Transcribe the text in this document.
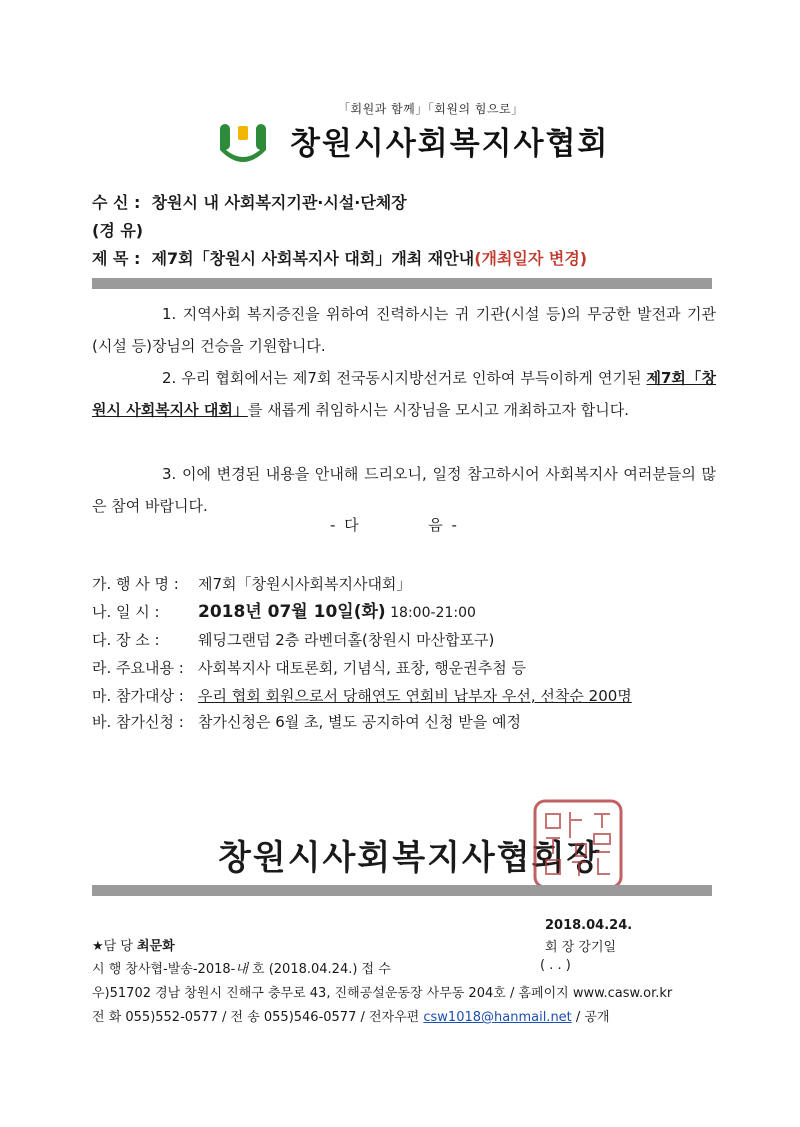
「회원과 함께」「회원의 힘으로」
창원시사회복지사협회
수 신 : 창원시 내 사회복지기관·시설·단체장
(경 유)
제 목 : 제7회「창원시 사회복지사 대회」개최 재안내(개최일자 변경)
1. 지역사회 복지증진을 위하여 진력하시는 귀 기관(시설 등)의 무궁한 발전과 기관(시설 등)장님의 건승을 기원합니다.
2. 우리 협회에서는 제7회 전국동시지방선거로 인하여 부득이하게 연기된 제7회「창원시 사회복지사 대회」를 새롭게 취임하시는 시장님을 모시고 개최하고자 합니다.
3. 이에 변경된 내용을 안내해 드리오니, 일정 참고하시어 사회복지사 여러분들의 많은 참여 바랍니다.
- 다	음 -
가. 행 사 명 : 제7회「창원시사회복지사대회」
나. 일 시 : 2018년 07월 10일(화) 18:00-21:00
다. 장 소 :	웨딩그랜덤 2층 라벤더홀(창원시 마산합포구)
라. 주요내용 : 사회복지사 대토론회, 기념식, 표창, 행운권추첨 등
마. 참가대상 : 우리 협회 회원으로서 당해연도 연회비 납부자 우선, 선착순 200명
바. 참가신청 : 참가신청은 6월 초, 별도 공지하여 신청 받을 예정
창원시사회복지사협회장
2018.04.24.
회 장 강기일
★담 당 최문화
시 행 창사협-발송-2018-내 호 (2018.04.24.) 접 수	( . . )
우)51702 경남 창원시 진해구 충무로 43, 진해공설운동장 사무동 204호 / 홈페이지 www.casw.or.kr
전 화 055)552-0577 / 전 송 055)546-0577 / 전자우편 csw1018@hanmail.net / 공개
